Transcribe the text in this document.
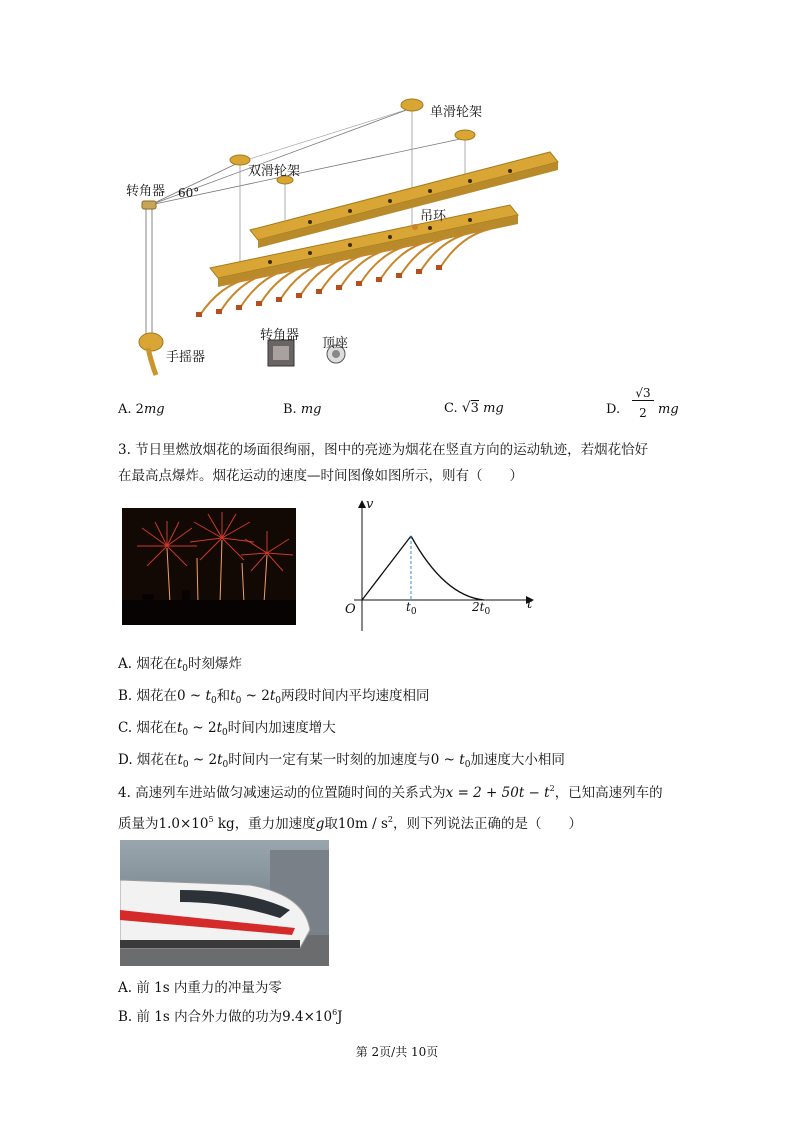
单滑轮架
双滑轮架
转角器 60°
吊环
手摇器
转角器
顶座
A. 2mg	B. mg	C. √3 mg	D.
√3
2 mg
3. 节日里燃放烟花的场面很绚丽，图中的亮迹为烟花在竖直方向的运动轨迹，若烟花恰好
在最高点爆炸。烟花运动的速度—时间图像如图所示，则有（　　）
v
t
O	$t_0$	$2t_0$
A. 烟花在$t_0$时刻爆炸
B. 烟花在0 ~ $t_0$和$t_0$ ~ $2t_0$两段时间内平均速度相同
C. 烟花在$t_0$ ~ $2t_0$时间内加速度增大
D. 烟花在$t_0$ ~ $2t_0$时间内一定有某一时刻的加速度与0 ~ $t_0$加速度大小相同
4. 高速列车进站做匀减速运动的位置随时间的关系式为$x = 2 + 50t - t^2$，已知高速列车的
质量为$1.0\times 10^5$ kg，重力加速度g取$10m / s^2$，则下列说法正确的是（　　）
A. 前 1s 内重力的冲量为零
B. 前 1s 内合外力做的功为$9.4\times 10^6J$
第 2页/共 10页
